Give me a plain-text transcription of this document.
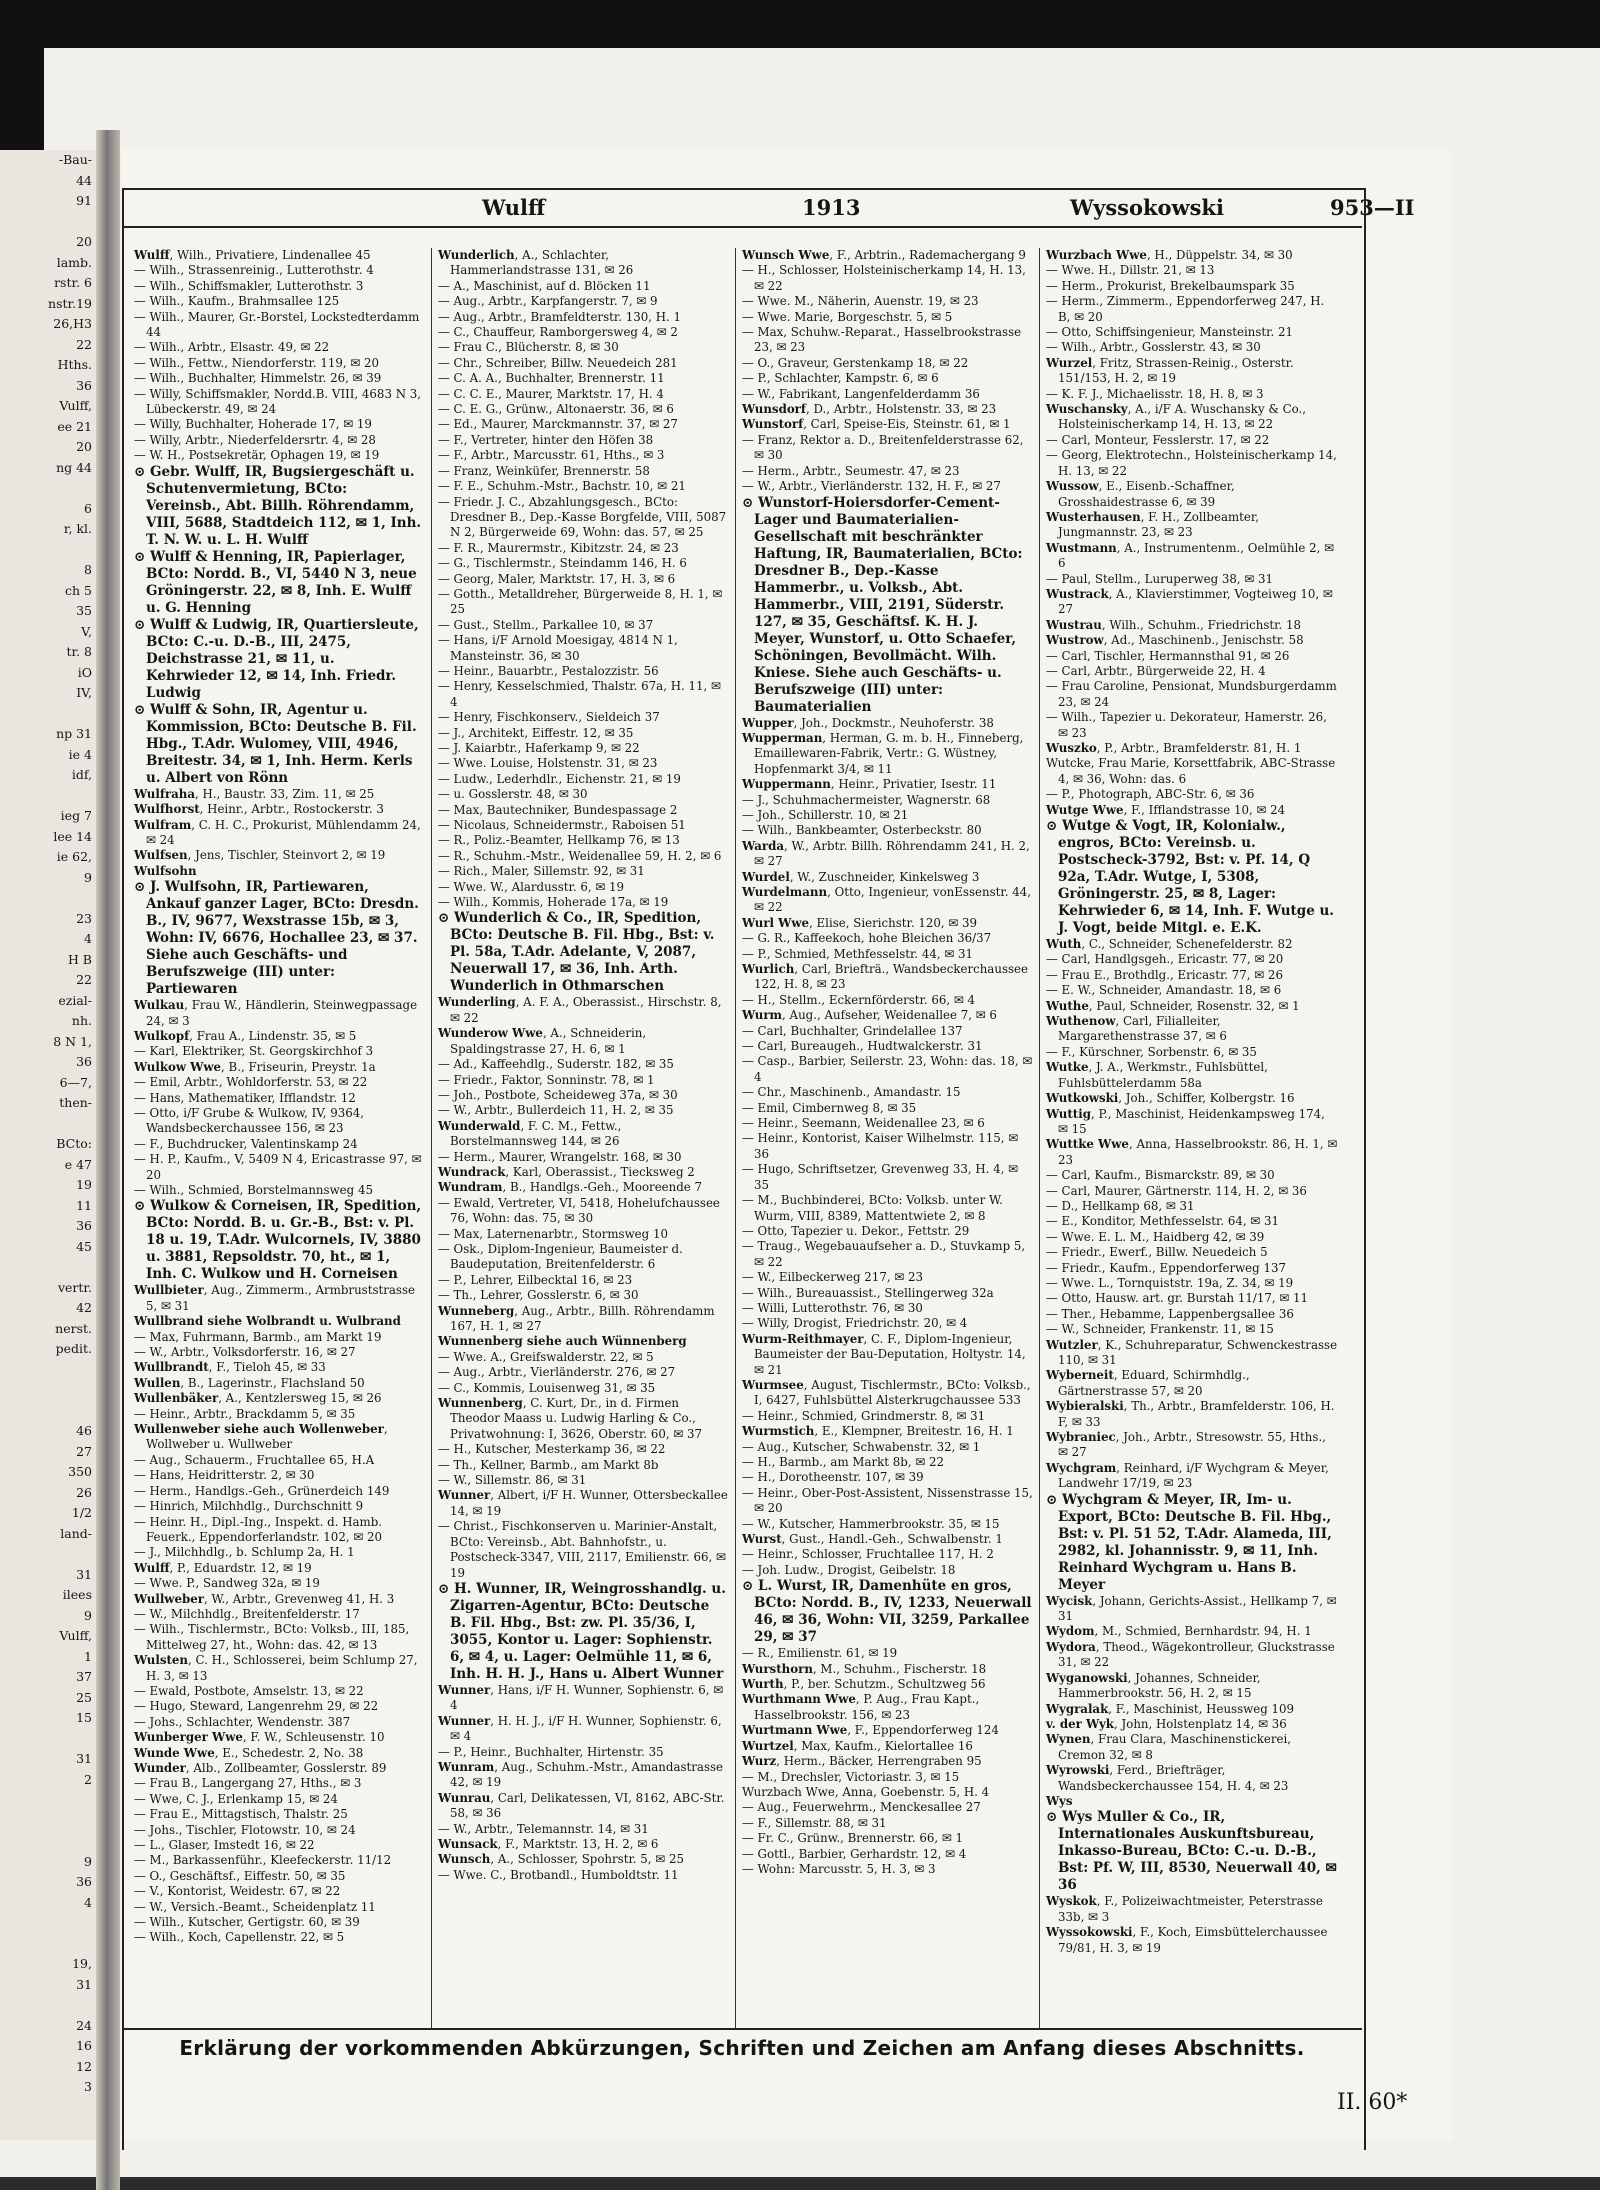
-Bau-
44
91

20
lamb.
rstr. 6
nstr.19
26,H3
22
Hths.
36
Vulff,
ee 21
20
ng 44

6
r, kl.

8
ch 5
35
V,
tr. 8
iO
IV,

np 31
ie 4
idf,

ieg 7
lee 14
ie 62,
9

23
4
H B
22
ezial-
nh.
8 N 1,
36
6—7,
then-

BCto:
e 47
19
11
36
45

vertr.
42
nerst.
pedit.

46
27
350
26
1/2
land-

31
ilees
9
Vulff,
1
37
25
15

31
2

9
36
4

19,
31

24
16
12
3
Wulff	1913	Wyssokowski	953—II
Wulff, Wilh., Privatiere, Lindenallee 45
— Wilh., Strassenreinig., Lutterothstr. 4
— Wilh., Schiffsmakler, Lutterothstr. 3
— Wilh., Kaufm., Brahmsallee 125
— Wilh., Maurer, Gr.-Borstel, Lockstedterdamm 44
— Wilh., Arbtr., Elsastr. 49, ✉ 22
— Wilh., Fettw., Niendorferstr. 119, ✉ 20
— Wilh., Buchhalter, Himmelstr. 26, ✉ 39
— Willy, Schiffsmakler, Nordd.B. VIII, 4683 N 3, Lübeckerstr. 49, ✉ 24
— Willy, Buchhalter, Hoherade 17, ✉ 19
— Willy, Arbtr., Niederfeldersrtr. 4, ✉ 28
— W. H., Postsekretär, Ophagen 19, ✉ 19
⊙ Gebr. Wulff, IR, Bugsiergeschäft u. Schutenvermietung, BCto: Vereinsb., Abt. Billh. Röhrendamm, VIII, 5688, Stadtdeich 112, ✉ 1, Inh. T. N. W. u. L. H. Wulff
⊙ Wulff & Henning, IR, Papierlager, BCto: Nordd. B., VI, 5440 N 3, neue Gröningerstr. 22, ✉ 8, Inh. E. Wulff u. G. Henning
⊙ Wulff & Ludwig, IR, Quartiersleute, BCto: C.-u. D.-B., III, 2475, Deichstrasse 21, ✉ 11, u. Kehrwieder 12, ✉ 14, Inh. Friedr. Ludwig
⊙ Wulff & Sohn, IR, Agentur u. Kommission, BCto: Deutsche B. Fil. Hbg., T.Adr. Wulomey, VIII, 4946, Breitestr. 34, ✉ 1, Inh. Herm. Kerls u. Albert von Rönn
Wulfraha, H., Baustr. 33, Zim. 11, ✉ 25
Wulfhorst, Heinr., Arbtr., Rostockerstr. 3
Wulfram, C. H. C., Prokurist, Mühlendamm 24, ✉ 24
Wulfsen, Jens, Tischler, Steinvort 2, ✉ 19
Wulfsohn
⊙ J. Wulfsohn, IR, Partiewaren, Ankauf ganzer Lager, BCto: Dresdn. B., IV, 9677, Wexstrasse 15b, ✉ 3, Wohn: IV, 6676, Hochallee 23, ✉ 37. Siehe auch Geschäfts- und Berufszweige (III) unter: Partiewaren
Wulkau, Frau W., Händlerin, Steinwegpassage 24, ✉ 3
Wulkopf, Frau A., Lindenstr. 35, ✉ 5
— Karl, Elektriker, St. Georgskirchhof 3
Wulkow Wwe, B., Friseurin, Preystr. 1a
— Emil, Arbtr., Wohldorferstr. 53, ✉ 22
— Hans, Mathematiker, Ifflandstr. 12
— Otto, i/F Grube & Wulkow, IV, 9364, Wandsbeckerchaussee 156, ✉ 23
— F., Buchdrucker, Valentinskamp 24
— H. P., Kaufm., V, 5409 N 4, Ericastrasse 97, ✉ 20
— Wilh., Schmied, Borstelmannsweg 45
⊙ Wulkow & Corneisen, IR, Spedition, BCto: Nordd. B. u. Gr.-B., Bst: v. Pl. 18 u. 19, T.Adr. Wulcornels, IV, 3880 u. 3881, Repsoldstr. 70, ht., ✉ 1, Inh. C. Wulkow und H. Corneisen
Wullbieter, Aug., Zimmerm., Armbruststrasse 5, ✉ 31
Wullbrand siehe Wolbrandt u. Wulbrand
— Max, Fuhrmann, Barmb., am Markt 19
— W., Arbtr., Volksdorferstr. 16, ✉ 27
Wullbrandt, F., Tieloh 45, ✉ 33
Wullen, B., Lagerinstr., Flachsland 50
Wullenbäker, A., Kentzlersweg 15, ✉ 26
— Heinr., Arbtr., Brackdamm 5, ✉ 35
Wullenweber siehe auch Wollenweber, Wollweber u. Wullweber
— Aug., Schauerm., Fruchtallee 65, H.A
— Hans, Heidritterstr. 2, ✉ 30
— Herm., Handlgs.-Geh., Grünerdeich 149
— Hinrich, Milchhdlg., Durchschnitt 9
— Heinr. H., Dipl.-Ing., Inspekt. d. Hamb. Feuerk., Eppendorferlandstr. 102, ✉ 20
— J., Milchhdlg., b. Schlump 2a, H. 1
Wulff, P., Eduardstr. 12, ✉ 19
— Wwe. P., Sandweg 32a, ✉ 19
Wullweber, W., Arbtr., Grevenweg 41, H. 3
— W., Milchhdlg., Breitenfelderstr. 17
— Wilh., Tischlermstr., BCto: Volksb., III, 185, Mittelweg 27, ht., Wohn: das. 42, ✉ 13
Wulsten, C. H., Schlosserei, beim Schlump 27, H. 3, ✉ 13
— Ewald, Postbote, Amselstr. 13, ✉ 22
— Hugo, Steward, Langenrehm 29, ✉ 22
— Johs., Schlachter, Wendenstr. 387
Wunberger Wwe, F. W., Schleusenstr. 10
Wunde Wwe, E., Schedestr. 2, No. 38
Wunder, Alb., Zollbeamter, Gosslerstr. 89
— Frau B., Langergang 27, Hths., ✉ 3
— Wwe, C. J., Erlenkamp 15, ✉ 24
— Frau E., Mittagstisch, Thalstr. 25
— Johs., Tischler, Flotowstr. 10, ✉ 24
— L., Glaser, Imstedt 16, ✉ 22
— M., Barkassenführ., Kleefeckerstr. 11/12
— O., Geschäftsf., Eiffestr. 50, ✉ 35
— V., Kontorist, Weidestr. 67, ✉ 22
— W., Versich.-Beamt., Scheidenplatz 11
— Wilh., Kutscher, Gertigstr. 60, ✉ 39
— Wilh., Koch, Capellenstr. 22, ✉ 5
Wunderlich, A., Schlachter, Hammerlandstrasse 131, ✉ 26
— A., Maschinist, auf d. Blöcken 11
— Aug., Arbtr., Karpfangerstr. 7, ✉ 9
— Aug., Arbtr., Bramfeldterstr. 130, H. 1
— C., Chauffeur, Ramborgersweg 4, ✉ 2
— Frau C., Blücherstr. 8, ✉ 30
— Chr., Schreiber, Billw. Neuedeich 281
— C. A. A., Buchhalter, Brennerstr. 11
— C. C. E., Maurer, Marktstr. 17, H. 4
— C. E. G., Grünw., Altonaerstr. 36, ✉ 6
— Ed., Maurer, Marckmannstr. 37, ✉ 27
— F., Vertreter, hinter den Höfen 38
— F., Arbtr., Marcusstr. 61, Hths., ✉ 3
— Franz, Weinküfer, Brennerstr. 58
— F. E., Schuhm.-Mstr., Bachstr. 10, ✉ 21
— Friedr. J. C., Abzahlungsgesch., BCto: Dresdner B., Dep.-Kasse Borgfelde, VIII, 5087 N 2, Bürgerweide 69, Wohn: das. 57, ✉ 25
— F. R., Maurermstr., Kibitzstr. 24, ✉ 23
— G., Tischlermstr., Steindamm 146, H. 6
— Georg, Maler, Marktstr. 17, H. 3, ✉ 6
— Gotth., Metalldreher, Bürgerweide 8, H. 1, ✉ 25
— Gust., Stellm., Parkallee 10, ✉ 37
— Hans, i/F Arnold Moesigay, 4814 N 1, Mansteinstr. 36, ✉ 30
— Heinr., Bauarbtr., Pestalozzistr. 56
— Henry, Kesselschmied, Thalstr. 67a, H. 11, ✉ 4
— Henry, Fischkonserv., Sieldeich 37
— J., Architekt, Eiffestr. 12, ✉ 35
— J. Kaiarbtr., Haferkamp 9, ✉ 22
— Wwe. Louise, Holstenstr. 31, ✉ 23
— Ludw., Lederhdlr., Eichenstr. 21, ✉ 19
— u. Gosslerstr. 48, ✉ 30
— Max, Bautechniker, Bundespassage 2
— Nicolaus, Schneidermstr., Raboisen 51
— R., Poliz.-Beamter, Hellkamp 76, ✉ 13
— R., Schuhm.-Mstr., Weidenallee 59, H. 2, ✉ 6
— Rich., Maler, Sillemstr. 92, ✉ 31
— Wwe. W., Alardusstr. 6, ✉ 19
— Wilh., Kommis, Hoherade 17a, ✉ 19
⊙ Wunderlich & Co., IR, Spedition, BCto: Deutsche B. Fil. Hbg., Bst: v. Pl. 58a, T.Adr. Adelante, V, 2087, Neuerwall 17, ✉ 36, Inh. Arth. Wunderlich in Othmarschen
Wunderling, A. F. A., Oberassist., Hirschstr. 8, ✉ 22
Wunderow Wwe, A., Schneiderin, Spaldingstrasse 27, H. 6, ✉ 1
— Ad., Kaffeehdlg., Suderstr. 182, ✉ 35
— Friedr., Faktor, Sonninstr. 78, ✉ 1
— Joh., Postbote, Scheideweg 37a, ✉ 30
— W., Arbtr., Bullerdeich 11, H. 2, ✉ 35
Wunderwald, F. C. M., Fettw., Borstelmannsweg 144, ✉ 26
— Herm., Maurer, Wrangelstr. 168, ✉ 30
Wundrack, Karl, Oberassist., Tiecksweg 2
Wundram, B., Handlgs.-Geh., Mooreende 7
— Ewald, Vertreter, VI, 5418, Hohelufchaussee 76, Wohn: das. 75, ✉ 30
— Max, Laternenarbtr., Stormsweg 10
— Osk., Diplom-Ingenieur, Baumeister d. Baudeputation, Breitenfelderstr. 6
— P., Lehrer, Eilbecktal 16, ✉ 23
— Th., Lehrer, Gosslerstr. 6, ✉ 30
Wunneberg, Aug., Arbtr., Billh. Röhrendamm 167, H. 1, ✉ 27
Wunnenberg siehe auch Wünnenberg
— Wwe. A., Greifswalderstr. 22, ✉ 5
— Aug., Arbtr., Vierländerstr. 276, ✉ 27
— C., Kommis, Louisenweg 31, ✉ 35
Wunnenberg, C. Kurt, Dr., in d. Firmen Theodor Maass u. Ludwig Harling & Co., Privatwohnung: I, 3626, Oberstr. 60, ✉ 37
— H., Kutscher, Mesterkamp 36, ✉ 22
— Th., Kellner, Barmb., am Markt 8b
— W., Sillemstr. 86, ✉ 31
Wunner, Albert, i/F H. Wunner, Ottersbeckallee 14, ✉ 19
— Christ., Fischkonserven u. Marinier-Anstalt, BCto: Vereinsb., Abt. Bahnhofstr., u. Postscheck-3347, VIII, 2117, Emilienstr. 66, ✉ 19
⊙ H. Wunner, IR, Weingrosshandlg. u. Zigarren-Agentur, BCto: Deutsche B. Fil. Hbg., Bst: zw. Pl. 35/36, I, 3055, Kontor u. Lager: Sophienstr. 6, ✉ 4, u. Lager: Oelmühle 11, ✉ 6, Inh. H. H. J., Hans u. Albert Wunner
Wunner, Hans, i/F H. Wunner, Sophienstr. 6, ✉ 4
Wunner, H. H. J., i/F H. Wunner, Sophienstr. 6, ✉ 4
— P., Heinr., Buchhalter, Hirtenstr. 35
Wunram, Aug., Schuhm.-Mstr., Amandastrasse 42, ✉ 19
Wunrau, Carl, Delikatessen, VI, 8162, ABC-Str. 58, ✉ 36
— W., Arbtr., Telemannstr. 14, ✉ 31
Wunsack, F., Marktstr. 13, H. 2, ✉ 6
Wunsch, A., Schlosser, Spohrstr. 5, ✉ 25
— Wwe. C., Brotbandl., Humboldtstr. 11
Wunsch Wwe, F., Arbtrin., Rademachergang 9
— H., Schlosser, Holsteinischerkamp 14, H. 13, ✉ 22
— Wwe. M., Näherin, Auenstr. 19, ✉ 23
— Wwe. Marie, Borgeschstr. 5, ✉ 5
— Max, Schuhw.-Reparat., Hasselbrookstrasse 23, ✉ 23
— O., Graveur, Gerstenkamp 18, ✉ 22
— P., Schlachter, Kampstr. 6, ✉ 6
— W., Fabrikant, Langenfelderdamm 36
Wunsdorf, D., Arbtr., Holstenstr. 33, ✉ 23
Wunstorf, Carl, Speise-Eis, Steinstr. 61, ✉ 1
— Franz, Rektor a. D., Breitenfelderstrasse 62, ✉ 30
— Herm., Arbtr., Seumestr. 47, ✉ 23
— W., Arbtr., Vierländerstr. 132, H. F., ✉ 27
⊙ Wunstorf-Hoiersdorfer-Cement-Lager und Baumaterialien-Gesellschaft mit beschränkter Haftung, IR, Baumaterialien, BCto: Dresdner B., Dep.-Kasse Hammerbr., u. Volksb., Abt. Hammerbr., VIII, 2191, Süderstr. 127, ✉ 35, Geschäftsf. K. H. J. Meyer, Wunstorf, u. Otto Schaefer, Schöningen, Bevollmächt. Wilh. Kniese. Siehe auch Geschäfts- u. Berufszweige (III) unter: Baumaterialien
Wupper, Joh., Dockmstr., Neuhoferstr. 38
Wupperman, Herman, G. m. b. H., Finneberg, Emaillewaren-Fabrik, Vertr.: G. Wüstney, Hopfenmarkt 3/4, ✉ 11
Wuppermann, Heinr., Privatier, Isestr. 11
— J., Schuhmachermeister, Wagnerstr. 68
— Joh., Schillerstr. 10, ✉ 21
— Wilh., Bankbeamter, Osterbeckstr. 80
Warda, W., Arbtr. Billh. Röhrendamm 241, H. 2, ✉ 27
Wurdel, W., Zuschneider, Kinkelsweg 3
Wurdelmann, Otto, Ingenieur, vonEssenstr. 44, ✉ 22
Wurl Wwe, Elise, Sierichstr. 120, ✉ 39
— G. R., Kaffeekoch, hohe Bleichen 36/37
— P., Schmied, Methfesselstr. 44, ✉ 31
Wurlich, Carl, Briefträ., Wandsbeckerchaussee 122, H. 8, ✉ 23
— H., Stellm., Eckernförderstr. 66, ✉ 4
Wurm, Aug., Aufseher, Weidenallee 7, ✉ 6
— Carl, Buchhalter, Grindelallee 137
— Carl, Bureaugeh., Hudtwalckerstr. 31
— Casp., Barbier, Seilerstr. 23, Wohn: das. 18, ✉ 4
— Chr., Maschinenb., Amandastr. 15
— Emil, Cimbernweg 8, ✉ 35
— Heinr., Seemann, Weidenallee 23, ✉ 6
— Heinr., Kontorist, Kaiser Wilhelmstr. 115, ✉ 36
— Hugo, Schriftsetzer, Grevenweg 33, H. 4, ✉ 35
— M., Buchbinderei, BCto: Volksb. unter W. Wurm, VIII, 8389, Mattentwiete 2, ✉ 8
— Otto, Tapezier u. Dekor., Fettstr. 29
— Traug., Wegebauaufseher a. D., Stuvkamp 5, ✉ 22
— W., Eilbeckerweg 217, ✉ 23
— Wilh., Bureauassist., Stellingerweg 32a
— Willi, Lutterothstr. 76, ✉ 30
— Willy, Drogist, Friedrichstr. 20, ✉ 4
Wurm-Reithmayer, C. F., Diplom-Ingenieur, Baumeister der Bau-Deputation, Holtystr. 14, ✉ 21
Wurmsee, August, Tischlermstr., BCto: Volksb., I, 6427, Fuhlsbüttel Alsterkrugchaussee 533
— Heinr., Schmied, Grindmerstr. 8, ✉ 31
Wurmstich, E., Klempner, Breitestr. 16, H. 1
— Aug., Kutscher, Schwabenstr. 32, ✉ 1
— H., Barmb., am Markt 8b, ✉ 22
— H., Dorotheenstr. 107, ✉ 39
— Heinr., Ober-Post-Assistent, Nissenstrasse 15, ✉ 20
— W., Kutscher, Hammerbrookstr. 35, ✉ 15
Wurst, Gust., Handl.-Geh., Schwalbenstr. 1
— Heinr., Schlosser, Fruchtallee 117, H. 2
— Joh. Ludw., Drogist, Geibelstr. 18
⊙ L. Wurst, IR, Damenhüte en gros, BCto: Nordd. B., IV, 1233, Neuerwall 46, ✉ 36, Wohn: VII, 3259, Parkallee 29, ✉ 37
— R., Emilienstr. 61, ✉ 19
Wursthorn, M., Schuhm., Fischerstr. 18
Wurth, P., ber. Schutzm., Schultzweg 56
Wurthmann Wwe, P. Aug., Frau Kapt., Hasselbrookstr. 156, ✉ 23
Wurtmann Wwe, F., Eppendorferweg 124
Wurtzel, Max, Kaufm., Kielortallee 16
Wurz, Herm., Bäcker, Herrengraben 95
— M., Drechsler, Victoriastr. 3, ✉ 15
Wurzbach Wwe, Anna, Goebenstr. 5, H. 4
— Aug., Feuerwehrm., Menckesallee 27
— F., Sillemstr. 88, ✉ 31
— Fr. C., Grünw., Brennerstr. 66, ✉ 1
— Gottl., Barbier, Gerhardstr. 12, ✉ 4
— Wohn: Marcusstr. 5, H. 3, ✉ 3
Wurzbach Wwe, H., Düppelstr. 34, ✉ 30
— Wwe. H., Dillstr. 21, ✉ 13
— Herm., Prokurist, Brekelbaumspark 35
— Herm., Zimmerm., Eppendorferweg 247, H. B, ✉ 20
— Otto, Schiffsingenieur, Mansteinstr. 21
— Wilh., Arbtr., Gosslerstr. 43, ✉ 30
Wurzel, Fritz, Strassen-Reinig., Osterstr. 151/153, H. 2, ✉ 19
— K. F. J., Michaelisstr. 18, H. 8, ✉ 3
Wuschansky, A., i/F A. Wuschansky & Co., Holsteinischerkamp 14, H. 13, ✉ 22
— Carl, Monteur, Fesslerstr. 17, ✉ 22
— Georg, Elektrotechn., Holsteinischerkamp 14, H. 13, ✉ 22
Wussow, E., Eisenb.-Schaffner, Grosshaidestrasse 6, ✉ 39
Wusterhausen, F. H., Zollbeamter, Jungmannstr. 23, ✉ 23
Wustmann, A., Instrumentenm., Oelmühle 2, ✉ 6
— Paul, Stellm., Luruperweg 38, ✉ 31
Wustrack, A., Klavierstimmer, Vogteiweg 10, ✉ 27
Wustrau, Wilh., Schuhm., Friedrichstr. 18
Wustrow, Ad., Maschinenb., Jenischstr. 58
— Carl, Tischler, Hermannsthal 91, ✉ 26
— Carl, Arbtr., Bürgerweide 22, H. 4
— Frau Caroline, Pensionat, Mundsburgerdamm 23, ✉ 24
— Wilh., Tapezier u. Dekorateur, Hamerstr. 26, ✉ 23
Wuszko, P., Arbtr., Bramfelderstr. 81, H. 1
Wutcke, Frau Marie, Korsettfabrik, ABC-Strasse 4, ✉ 36, Wohn: das. 6
— P., Photograph, ABC-Str. 6, ✉ 36
Wutge Wwe, F., Ifflandstrasse 10, ✉ 24
⊙ Wutge & Vogt, IR, Kolonialw., engros, BCto: Vereinsb. u. Postscheck-3792, Bst: v. Pf. 14, Q 92a, T.Adr. Wutge, I, 5308, Gröningerstr. 25, ✉ 8, Lager: Kehrwieder 6, ✉ 14, Inh. F. Wutge u. J. Vogt, beide Mitgl. e. E.K.
Wuth, C., Schneider, Schenefelderstr. 82
— Carl, Handlgsgeh., Ericastr. 77, ✉ 20
— Frau E., Brothdlg., Ericastr. 77, ✉ 26
— E. W., Schneider, Amandastr. 18, ✉ 6
Wuthe, Paul, Schneider, Rosenstr. 32, ✉ 1
Wuthenow, Carl, Filialleiter, Margarethenstrasse 37, ✉ 6
— F., Kürschner, Sorbenstr. 6, ✉ 35
Wutke, J. A., Werkmstr., Fuhlsbüttel, Fuhlsbüttelerdamm 58a
Wutkowski, Joh., Schiffer, Kolbergstr. 16
Wuttig, P., Maschinist, Heidenkampsweg 174, ✉ 15
Wuttke Wwe, Anna, Hasselbrookstr. 86, H. 1, ✉ 23
— Carl, Kaufm., Bismarckstr. 89, ✉ 30
— Carl, Maurer, Gärtnerstr. 114, H. 2, ✉ 36
— D., Hellkamp 68, ✉ 31
— E., Konditor, Methfesselstr. 64, ✉ 31
— Wwe. E. L. M., Haidberg 42, ✉ 39
— Friedr., Ewerf., Billw. Neuedeich 5
— Friedr., Kaufm., Eppendorferweg 137
— Wwe. L., Tornquiststr. 19a, Z. 34, ✉ 19
— Otto, Hausw. art. gr. Burstah 11/17, ✉ 11
— Ther., Hebamme, Lappenbergsallee 36
— W., Schneider, Frankenstr. 11, ✉ 15
Wutzler, K., Schuhreparatur, Schwenckestrasse 110, ✉ 31
Wyberneit, Eduard, Schirmhdlg., Gärtnerstrasse 57, ✉ 20
Wybieralski, Th., Arbtr., Bramfelderstr. 106, H. F, ✉ 33
Wybraniec, Joh., Arbtr., Stresowstr. 55, Hths., ✉ 27
Wychgram, Reinhard, i/F Wychgram & Meyer, Landwehr 17/19, ✉ 23
⊙ Wychgram & Meyer, IR, Im- u. Export, BCto: Deutsche B. Fil. Hbg., Bst: v. Pl. 51 52, T.Adr. Alameda, III, 2982, kl. Johannisstr. 9, ✉ 11, Inh. Reinhard Wychgram u. Hans B. Meyer
Wycisk, Johann, Gerichts-Assist., Hellkamp 7, ✉ 31
Wydom, M., Schmied, Bernhardstr. 94, H. 1
Wydora, Theod., Wägekontrolleur, Gluckstrasse 31, ✉ 22
Wyganowski, Johannes, Schneider, Hammerbrookstr. 56, H. 2, ✉ 15
Wygralak, F., Maschinist, Heussweg 109
v. der Wyk, John, Holstenplatz 14, ✉ 36
Wynen, Frau Clara, Maschinenstickerei, Cremon 32, ✉ 8
Wyrowski, Ferd., Briefträger, Wandsbeckerchaussee 154, H. 4, ✉ 23
Wys
⊙ Wys Muller & Co., IR, Internationales Auskunftsbureau, Inkasso-Bureau, BCto: C.-u. D.-B., Bst: Pf. W, III, 8530, Neuerwall 40, ✉ 36
Wyskok, F., Polizeiwachtmeister, Peterstrasse 33b, ✉ 3
Wyssokowski, F., Koch, Eimsbüttelerchaussee 79/81, H. 3, ✉ 19
Erklärung der vorkommenden Abkürzungen, Schriften und Zeichen am Anfang dieses Abschnitts.
II. 60*
